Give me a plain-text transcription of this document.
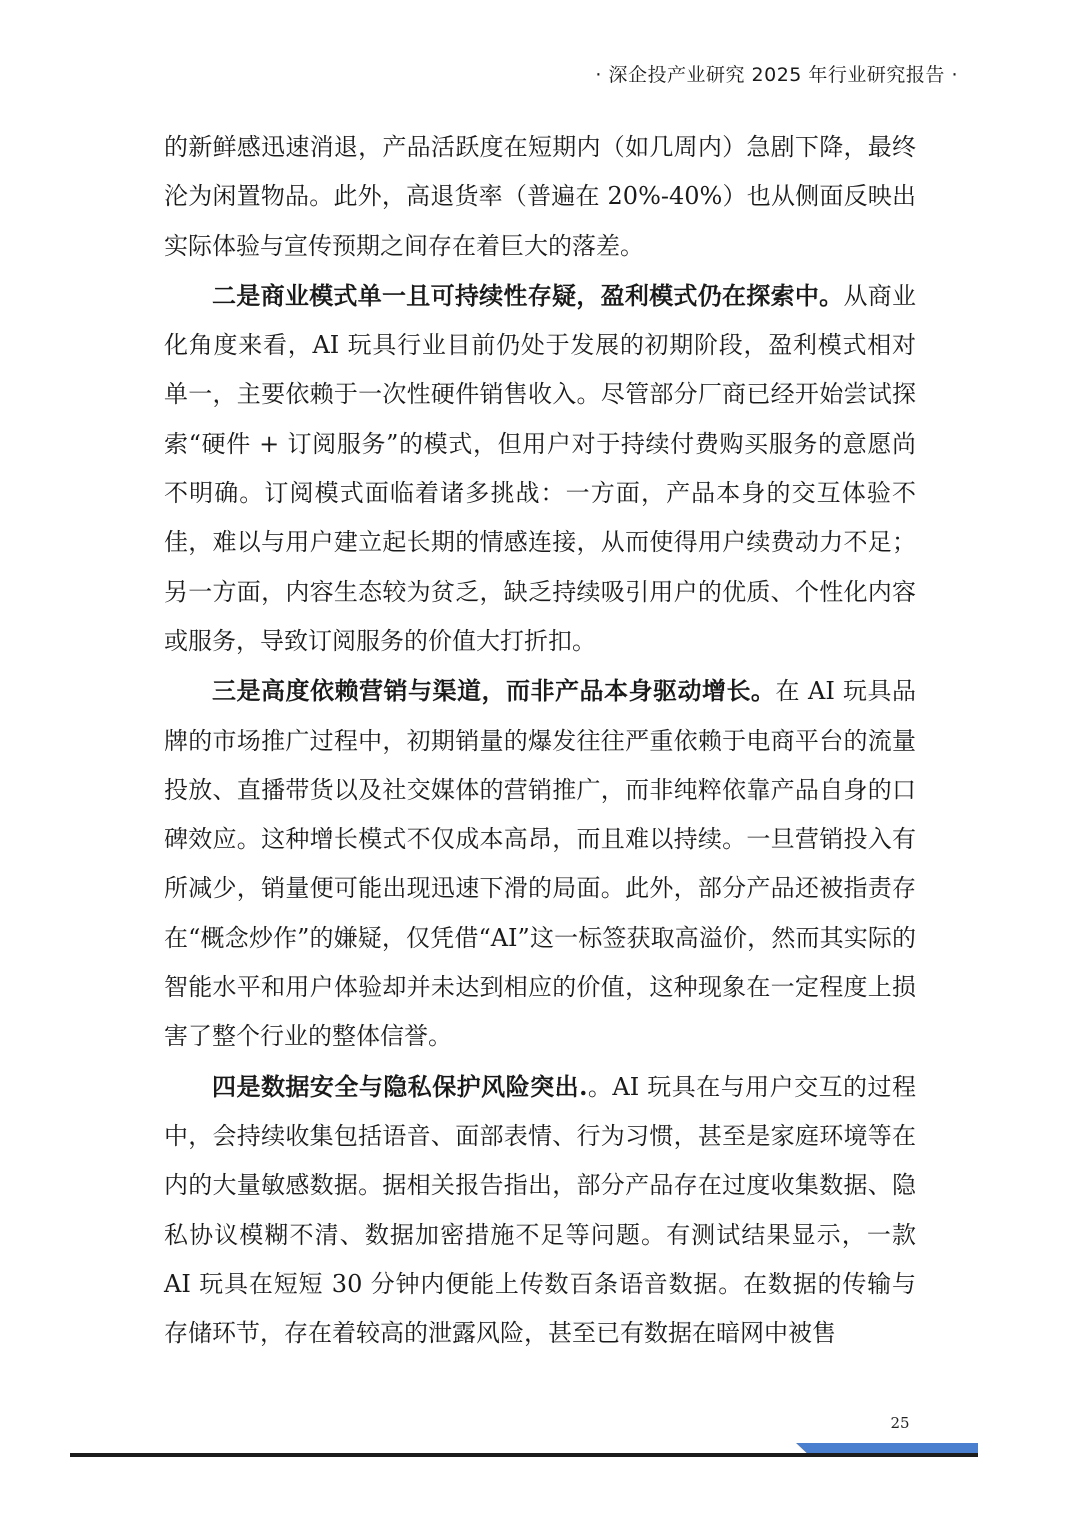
· 深企投产业研究 2025 年行业研究报告 ·

的新鲜感迅速消退，产品活跃度在短期内（如几周内）急剧下降，最终沦为闲置物品。此外，高退货率（普遍在 20%-40%）也从侧面反映出实际体验与宣传预期之间存在着巨大的落差。

二是商业模式单一且可持续性存疑，盈利模式仍在探索中。从商业化角度来看，AI 玩具行业目前仍处于发展的初期阶段，盈利模式相对单一，主要依赖于一次性硬件销售收入。尽管部分厂商已经开始尝试探索“硬件 + 订阅服务”的模式，但用户对于持续付费购买服务的意愿尚不明确。订阅模式面临着诸多挑战：一方面，产品本身的交互体验不佳，难以与用户建立起长期的情感连接，从而使得用户续费动力不足；另一方面，内容生态较为贫乏，缺乏持续吸引用户的优质、个性化内容或服务，导致订阅服务的价值大打折扣。

三是高度依赖营销与渠道，而非产品本身驱动增长。在 AI 玩具品牌的市场推广过程中，初期销量的爆发往往严重依赖于电商平台的流量投放、直播带货以及社交媒体的营销推广，而非纯粹依靠产品自身的口碑效应。这种增长模式不仅成本高昂，而且难以持续。一旦营销投入有所减少，销量便可能出现迅速下滑的局面。此外，部分产品还被指责存在“概念炒作”的嫌疑，仅凭借“AI”这一标签获取高溢价，然而其实际的智能水平和用户体验却并未达到相应的价值，这种现象在一定程度上损害了整个行业的整体信誉。

四是数据安全与隐私保护风险突出.。AI 玩具在与用户交互的过程中，会持续收集包括语音、面部表情、行为习惯，甚至是家庭环境等在内的大量敏感数据。据相关报告指出，部分产品存在过度收集数据、隐私协议模糊不清、数据加密措施不足等问题。有测试结果显示，一款 AI 玩具在短短 30 分钟内便能上传数百条语音数据。在数据的传输与存储环节，存在着较高的泄露风险，甚至已有数据在暗网中被售

25
